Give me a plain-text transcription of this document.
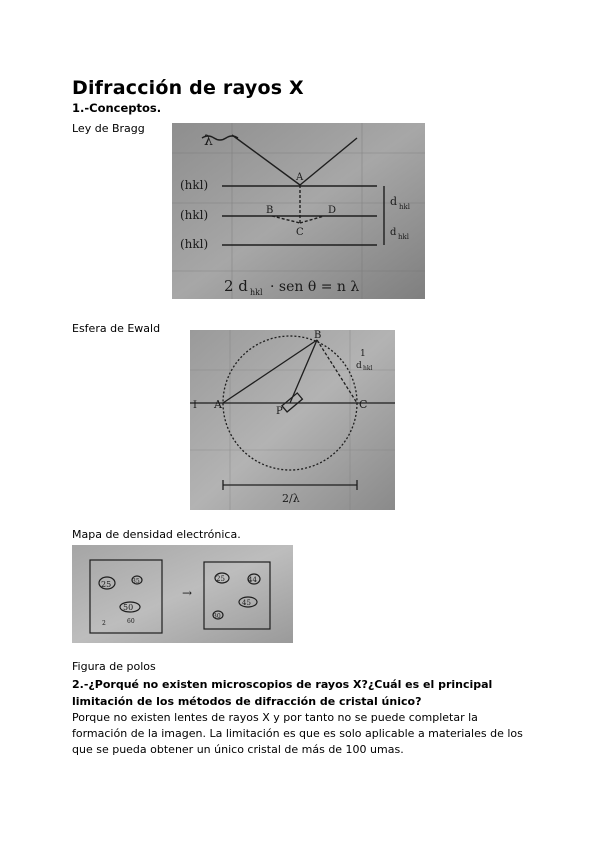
Difracción de rayos X
1.-Conceptos.
Ley de Bragg
λ
(hkl)
(hkl)
(hkl)
A
B
C
D
d hkl
d hkl
2 d hkl · sen θ = n λ
Esfera de Ewald
A
B
C
P
1
d hkl
2/λ
I
Mapa de densidad electrónica.
→
25	35
50
60
2
25	44
30
45
Figura de polos
2.-¿Porqué no existen microscopios de rayos X?¿Cuál es el principal limitación de los métodos de difracción de cristal único?
Porque no existen lentes de rayos X y por tanto no se puede completar la formación de la imagen. La limitación es que es solo aplicable a materiales de los que se pueda obtener un único cristal de más de 100 umas.
